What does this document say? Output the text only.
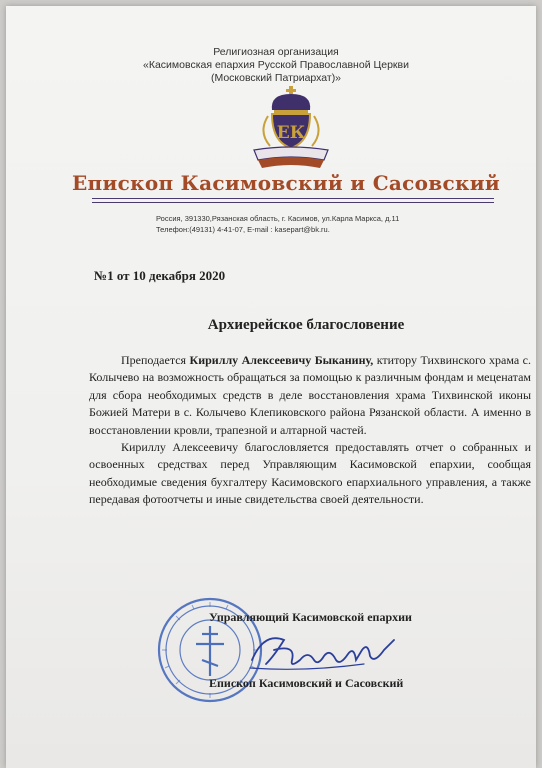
Религиозная организация
«Касимовская епархия Русской Православной Церкви
(Московский Патриархат)»
ЕК
Епископ Касимовский и Сасовский
Россия, 391330,Рязанская область, г. Касимов, ул.Карла Маркса, д.11
Телефон:(49131) 4-41-07, E-mail : kasepart@bk.ru.
№1 от 10 декабря 2020
Архиерейское благословение

Преподается Кириллу Алексеевичу Быканину, ктитору Тихвинского храма с. Колычево на возможность обращаться за помощью к различным фондам и меценатам для сбора необходимых средств в деле восстановления храма Тихвинской иконы Божией Матери в с. Колычево Клепиковского района Рязанской области. А именно в восстановлении кровли, трапезной и алтарной частей.

Кириллу Алексеевичу благословляется предоставлять отчет о собранных и освоенных средствах перед Управляющим Касимовской епархии, сообщая необходимые сведения бухгалтеру Касимовского епархиального управления, а также передавая фотоотчеты и иные свидетельства своей деятельности.

Управляющий Касимовской епархии
Епископ Касимовский и Сасовский
